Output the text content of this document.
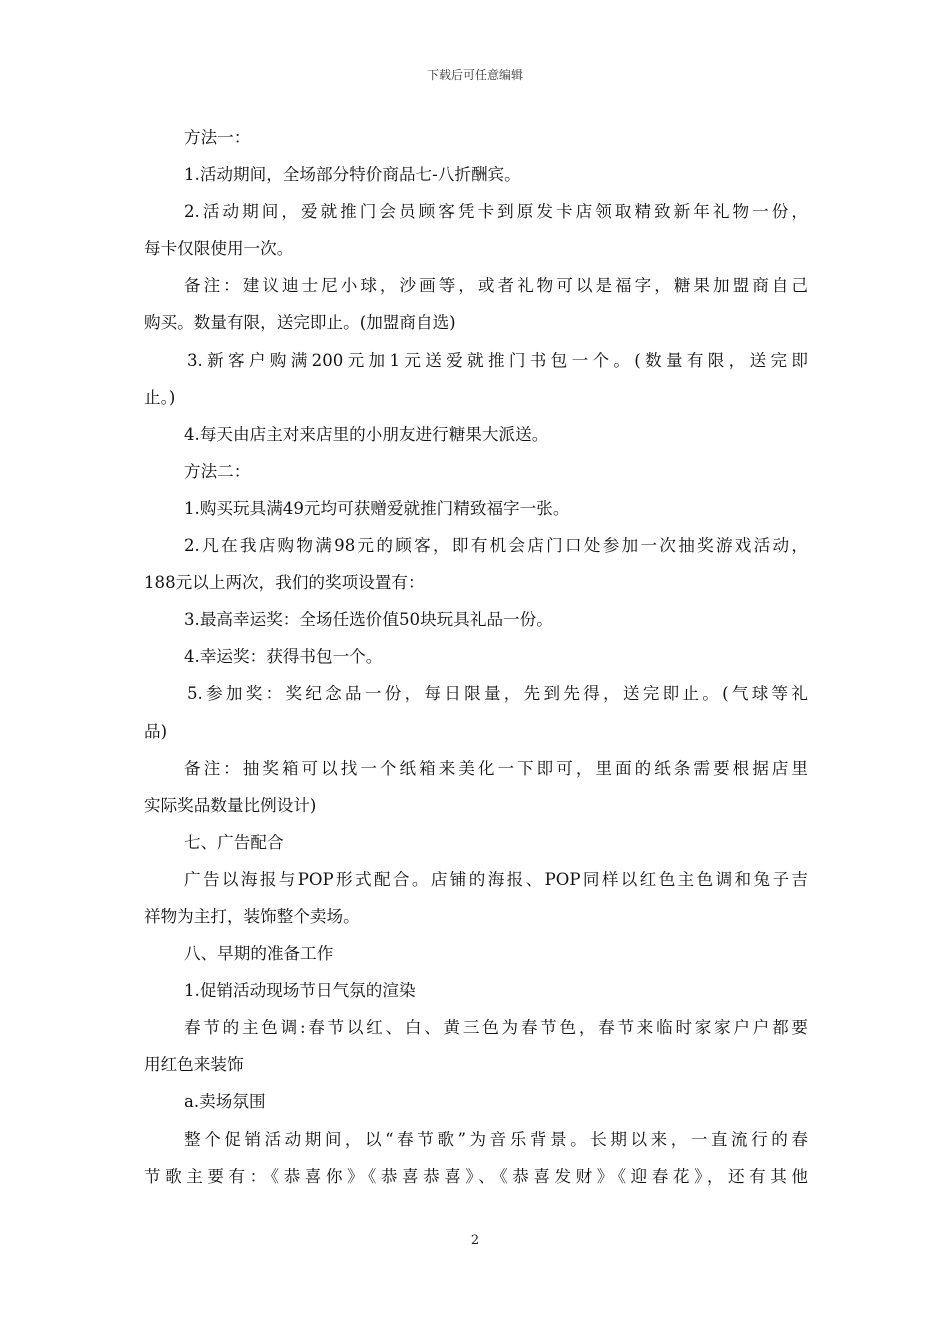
下载后可任意编辑
方法一：
1.活动期间，全场部分特价商品七-八折酬宾。
2.活动期间，爱就推门会员顾客凭卡到原发卡店领取精致新年礼物一份，
每卡仅限使用一次。
备注：建议迪士尼小球，沙画等，或者礼物可以是福字，糖果加盟商自己
购买。数量有限，送完即止。(加盟商自选)
3.新客户购满200元加1元送爱就推门书包一个。(数量有限，送完即
止。)
4.每天由店主对来店里的小朋友进行糖果大派送。
方法二：
1.购买玩具满49元均可获赠爱就推门精致福字一张。
2.凡在我店购物满98元的顾客，即有机会店门口处参加一次抽奖游戏活动，
188元以上两次，我们的奖项设置有：
3.最高幸运奖：全场任选价值50块玩具礼品一份。
4.幸运奖：获得书包一个。
5.参加奖：奖纪念品一份，每日限量，先到先得，送完即止。(气球等礼
品)
备注：抽奖箱可以找一个纸箱来美化一下即可，里面的纸条需要根据店里
实际奖品数量比例设计)
七、广告配合
广告以海报与POP形式配合。店铺的海报、POP同样以红色主色调和兔子吉
祥物为主打，装饰整个卖场。
八、早期的准备工作
1.促销活动现场节日气氛的渲染
春节的主色调:春节以红、白、黄三色为春节色，春节来临时家家户户都要
用红色来装饰
a.卖场氛围
整个促销活动期间，以“春节歌”为音乐背景。长期以来，一直流行的春
节歌主要有：《恭喜你》《恭喜恭喜》、《恭喜发财》《迎春花》，还有其他
2
